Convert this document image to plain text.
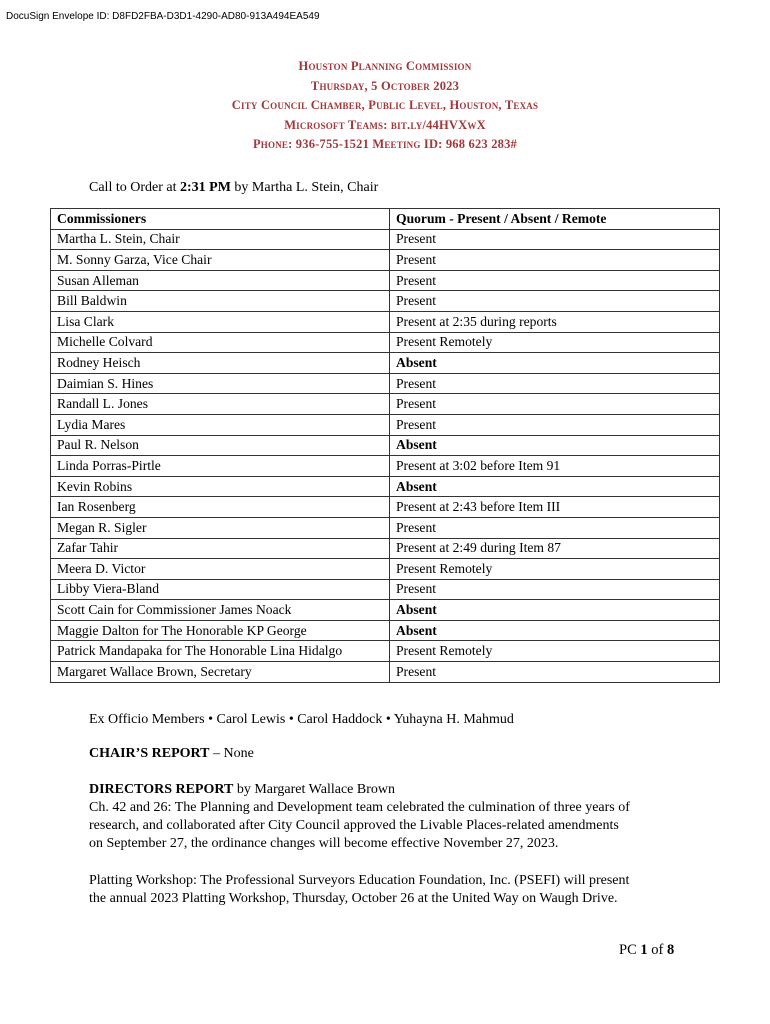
DocuSign Envelope ID: D8FD2FBA-D3D1-4290-AD80-913A494EA549
Houston Planning Commission
Thursday, 5 October 2023
City Council Chamber, Public Level, Houston, Texas
Microsoft Teams: bit.ly/44HVXwX
Phone: 936-755-1521 Meeting ID: 968 623 283#
Call to Order at 2:31 PM by Martha L. Stein, Chair
Commissioners	Quorum - Present / Absent / Remote
Martha L. Stein, Chair	Present
M. Sonny Garza, Vice Chair	Present
Susan Alleman	Present
Bill Baldwin	Present
Lisa Clark	Present at 2:35 during reports
Michelle Colvard	Present Remotely
Rodney Heisch	Absent
Daimian S. Hines	Present
Randall L. Jones	Present
Lydia Mares	Present
Paul R. Nelson	Absent
Linda Porras-Pirtle	Present at 3:02 before Item 91
Kevin Robins	Absent
Ian Rosenberg	Present at 2:43 before Item III
Megan R. Sigler	Present
Zafar Tahir	Present at 2:49 during Item 87
Meera D. Victor	Present Remotely
Libby Viera-Bland	Present
Scott Cain for Commissioner James Noack	Absent
Maggie Dalton for The Honorable KP George	Absent
Patrick Mandapaka for The Honorable Lina Hidalgo	Present Remotely
Margaret Wallace Brown, Secretary	Present
Ex Officio Members • Carol Lewis • Carol Haddock • Yuhayna H. Mahmud
CHAIR’S REPORT – None
DIRECTORS REPORT by Margaret Wallace Brown
Ch. 42 and 26: The Planning and Development team celebrated the culmination of three years of
research, and collaborated after City Council approved the Livable Places-related amendments
on September 27, the ordinance changes will become effective November 27, 2023.
Platting Workshop: The Professional Surveyors Education Foundation, Inc. (PSEFI) will present
the annual 2023 Platting Workshop, Thursday, October 26 at the United Way on Waugh Drive.
PC 1 of 8
